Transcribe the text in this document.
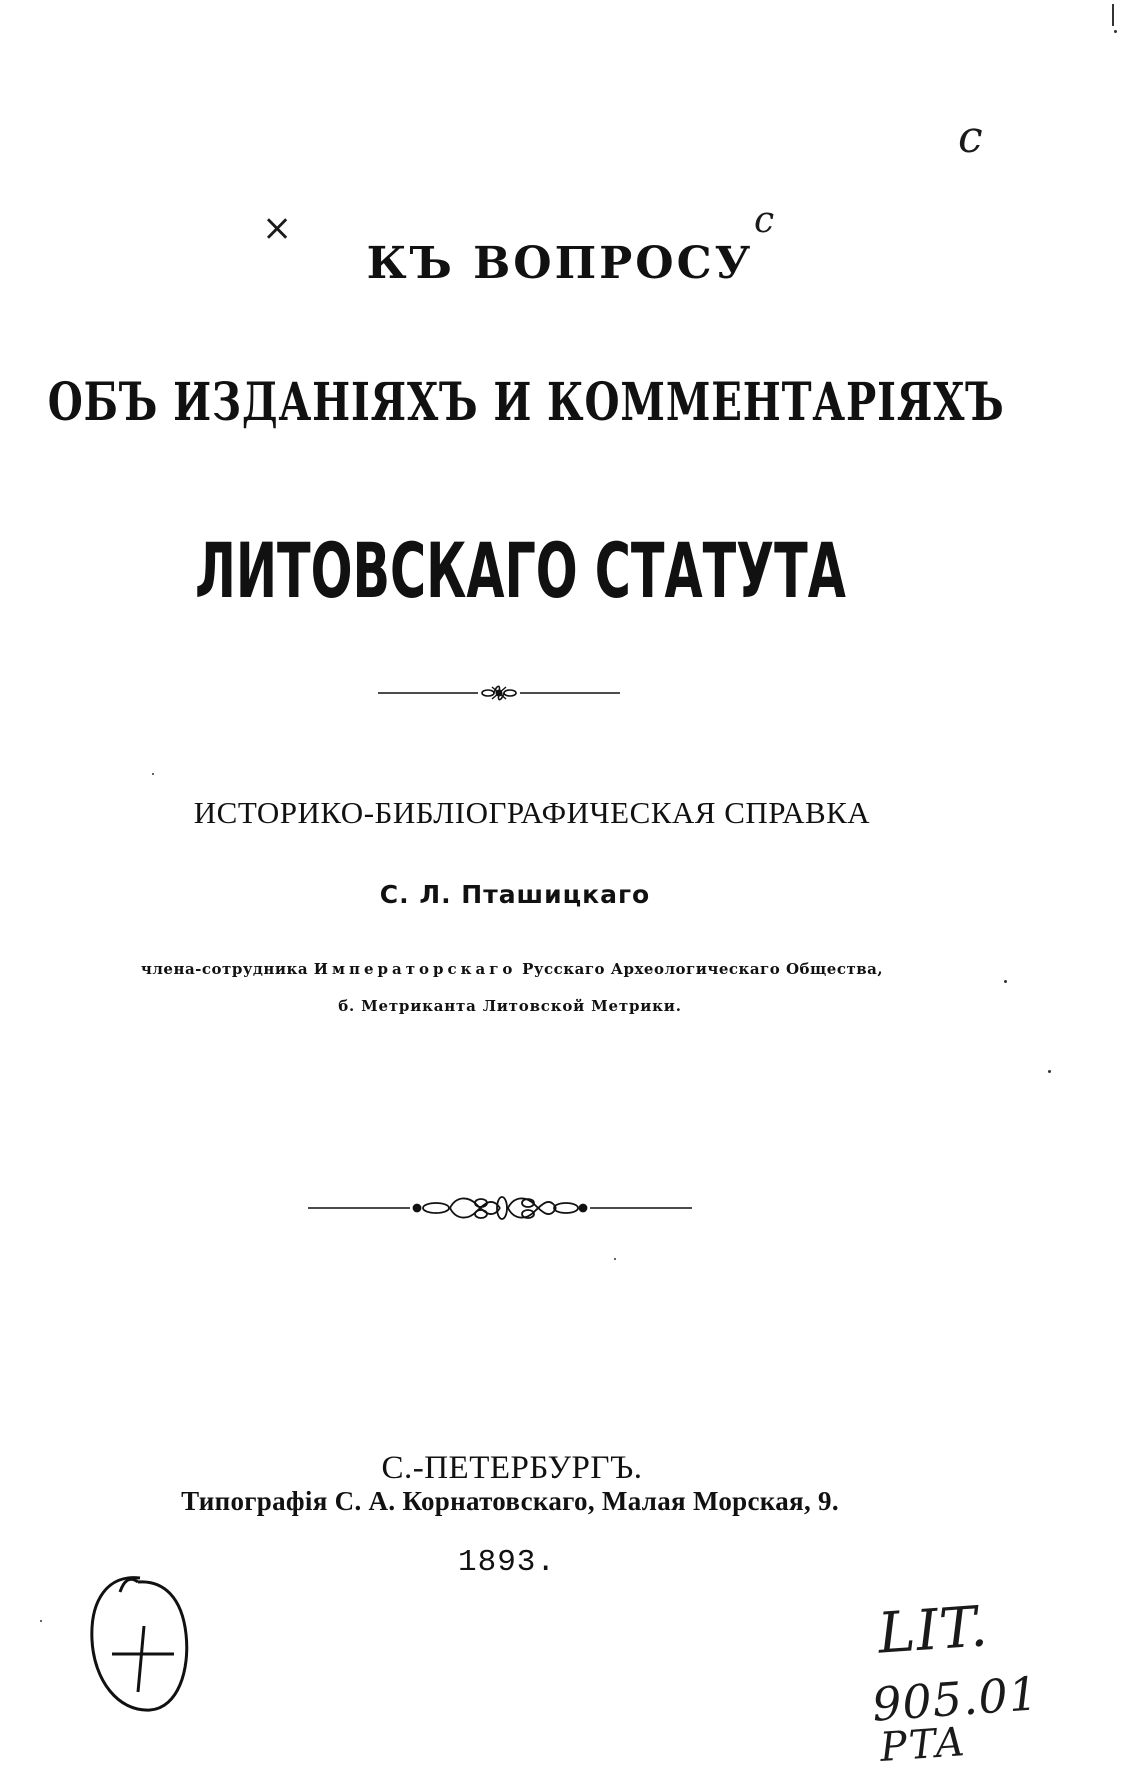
×
c
c
КЪ ВОПРОСУ
ОБЪ ИЗДАНІЯХЪ И КОММЕНТАРІЯХЪ
ЛИТОВСКАГО СТАТУТА
ИСТОРИКО-БИБЛІОГРАФИЧЕСКАЯ СПРАВКА
С. Л. Пташицкаго
члена-сотрудника Императорскаго Русскаго Археологическаго Общества,
б. Метриканта Литовской Метрики.
С.-ПЕТЕРБУРГЪ.
Типографія С. А. Корнатовскаго, Малая Морская, 9.
1893.
LIT.
905.01
PTA
